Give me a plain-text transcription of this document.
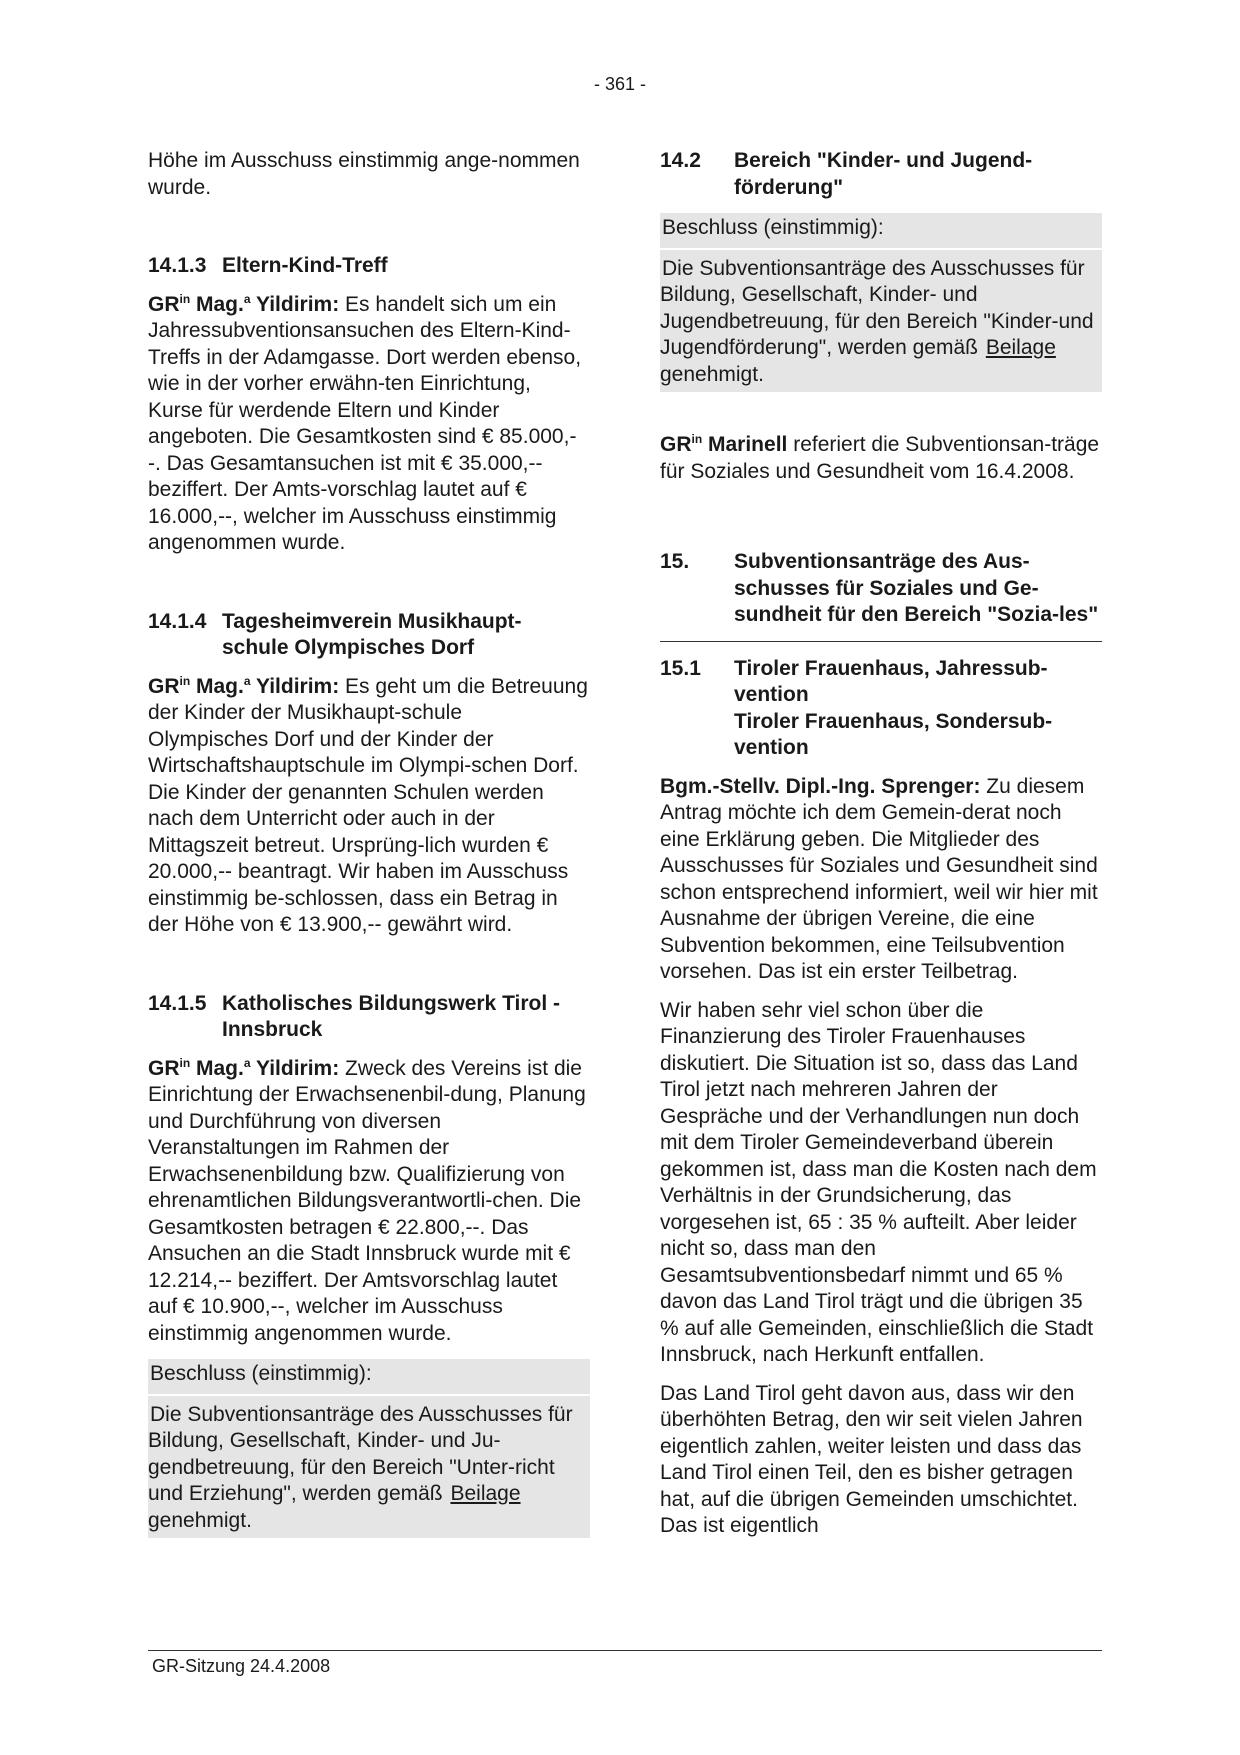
- 361 -

Höhe im Ausschuss einstimmig ange-nommen wurde.

14.1.3 Eltern-Kind-Treff

$GR^{in}$ Mag.$^a$ Yildirim: Es handelt sich um ein Jahressubventionsansuchen des Eltern-Kind-Treffs in der Adamgasse. Dort werden ebenso, wie in der vorher erwähn-ten Einrichtung, Kurse für werdende Eltern und Kinder angeboten. Die Gesamtkosten sind € 85.000,--. Das Gesamtansuchen ist mit € 35.000,-- beziffert. Der Amts-vorschlag lautet auf € 16.000,--, welcher im Ausschuss einstimmig angenommen wurde.

14.1.4 Tagesheimverein Musikhaupt-schule Olympisches Dorf

$GR^{in}$ Mag.$^a$ Yildirim: Es geht um die Betreuung der Kinder der Musikhaupt-schule Olympisches Dorf und der Kinder der Wirtschaftshauptschule im Olympi-schen Dorf. Die Kinder der genannten Schulen werden nach dem Unterricht oder auch in der Mittagszeit betreut. Ursprüng-lich wurden € 20.000,-- beantragt. Wir haben im Ausschuss einstimmig be-schlossen, dass ein Betrag in der Höhe von € 13.900,-- gewährt wird.

14.1.5 Katholisches Bildungswerk Tirol - Innsbruck

$GR^{in}$ Mag.$^a$ Yildirim: Zweck des Vereins ist die Einrichtung der Erwachsenenbil-dung, Planung und Durchführung von diversen Veranstaltungen im Rahmen der Erwachsenenbildung bzw. Qualifizierung von ehrenamtlichen Bildungsverantwortli-chen. Die Gesamtkosten betragen € 22.800,--. Das Ansuchen an die Stadt Innsbruck wurde mit € 12.214,-- beziffert. Der Amtsvorschlag lautet auf € 10.900,--, welcher im Ausschuss einstimmig angenommen wurde.

Beschluss (einstimmig):
Die Subventionsanträge des Ausschusses für Bildung, Gesellschaft, Kinder- und Ju-gendbetreuung, für den Bereich "Unter-richt und Erziehung", werden gemäß Beilage genehmigt.
14.2	Bereich "Kinder- und Jugend-förderung"
Beschluss (einstimmig):
Die Subventionsanträge des Ausschusses für Bildung, Gesellschaft, Kinder- und Jugendbetreuung, für den Bereich "Kinder-und Jugendförderung", werden gemäß Beilage genehmigt.

$GR^{in}$ Marinell referiert die Subventionsan-träge für Soziales und Gesundheit vom 16.4.2008.

15.	Subventionsanträge des Aus-schusses für Soziales und Ge-sundheit für den Bereich "Sozia-les"
15.1	Tiroler Frauenhaus, Jahressub-vention
Tiroler Frauenhaus, Sondersub-vention

Bgm.-Stellv. Dipl.-Ing. Sprenger: Zu diesem Antrag möchte ich dem Gemein-derat noch eine Erklärung geben. Die Mitglieder des Ausschusses für Soziales und Gesundheit sind schon entsprechend informiert, weil wir hier mit Ausnahme der übrigen Vereine, die eine Subvention bekommen, eine Teilsubvention vorsehen. Das ist ein erster Teilbetrag.

Wir haben sehr viel schon über die Finanzierung des Tiroler Frauenhauses diskutiert. Die Situation ist so, dass das Land Tirol jetzt nach mehreren Jahren der Gespräche und der Verhandlungen nun doch mit dem Tiroler Gemeindeverband überein gekommen ist, dass man die Kosten nach dem Verhältnis in der Grundsicherung, das vorgesehen ist, 65 : 35 % aufteilt. Aber leider nicht so, dass man den Gesamtsubventionsbedarf nimmt und 65 % davon das Land Tirol trägt und die übrigen 35 % auf alle Gemeinden, einschließlich die Stadt Innsbruck, nach Herkunft entfallen.

Das Land Tirol geht davon aus, dass wir den überhöhten Betrag, den wir seit vielen Jahren eigentlich zahlen, weiter leisten und dass das Land Tirol einen Teil, den es bisher getragen hat, auf die übrigen Gemeinden umschichtet. Das ist eigentlich

GR-Sitzung 24.4.2008
